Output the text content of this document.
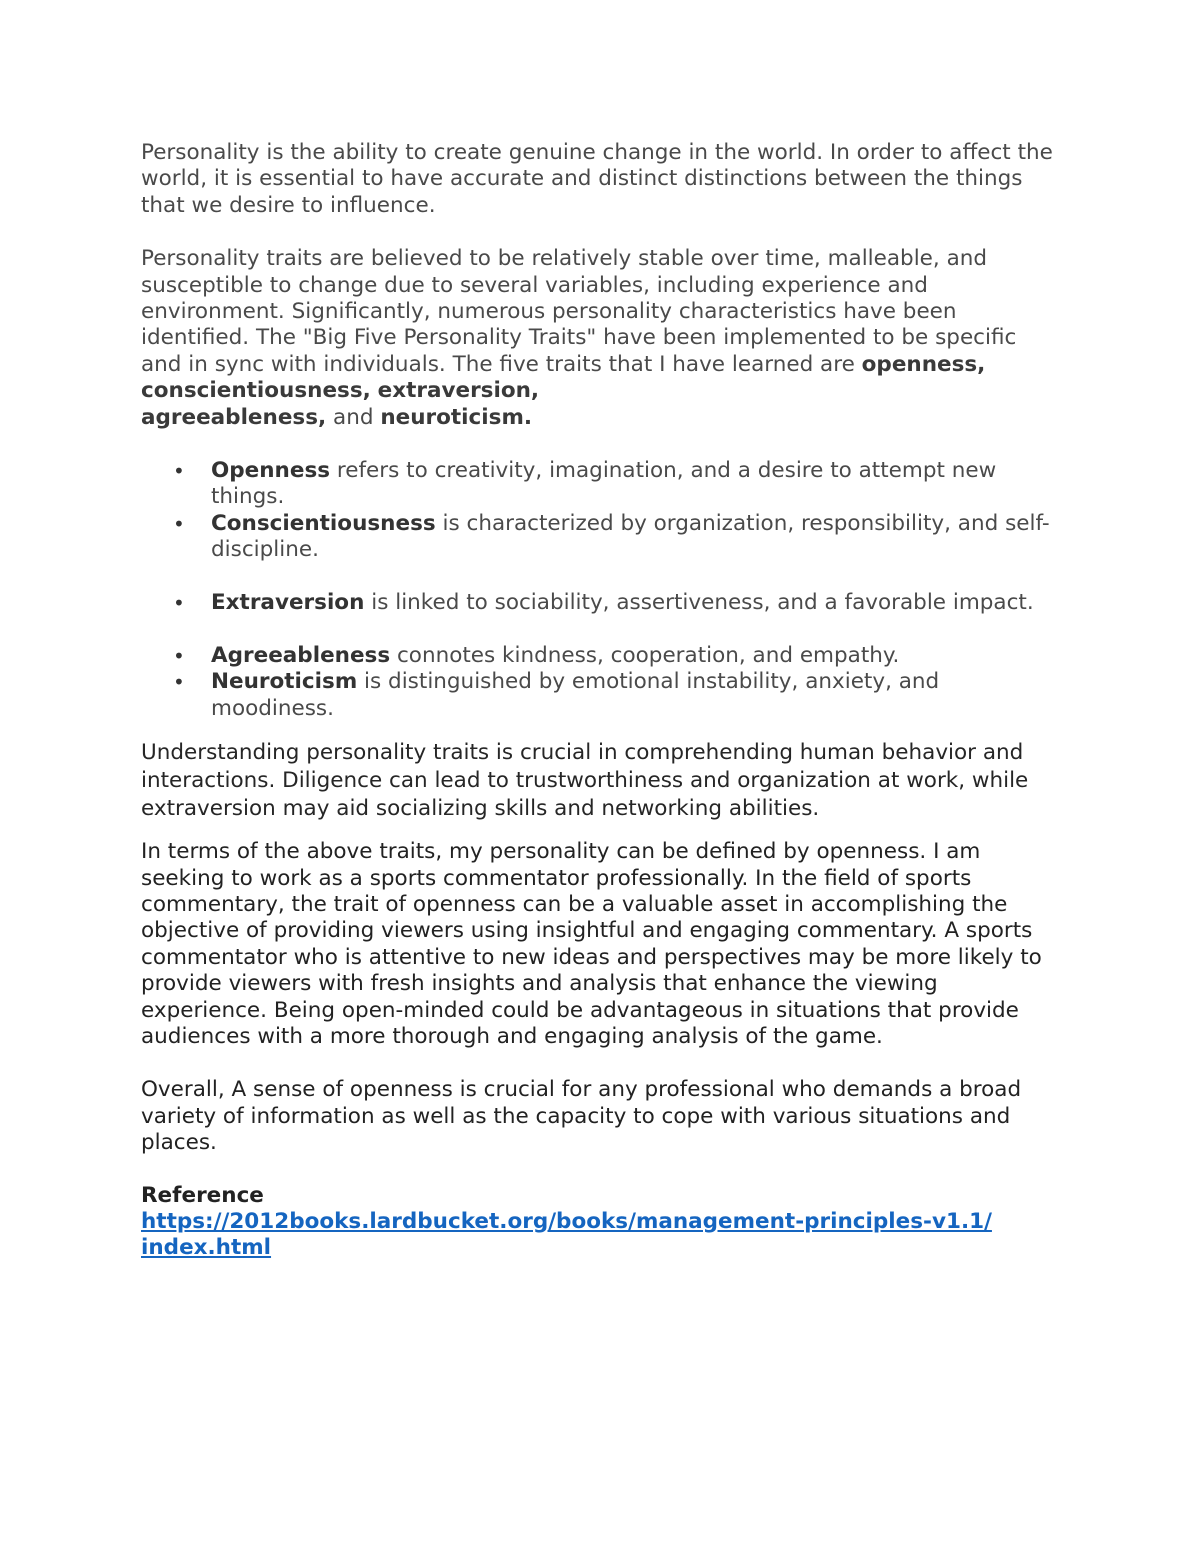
Personality is the ability to create genuine change in the world. In order to affect the world, it is essential to have accurate and distinct distinctions between the things that we desire to influence.

Personality traits are believed to be relatively stable over time, malleable, and susceptible to change due to several variables, including experience and environment. Significantly, numerous personality characteristics have been identified. The "Big Five Personality Traits" have been implemented to be specific and in sync with individuals. The five traits that I have learned are openness, conscientiousness, extraversion,
agreeableness, and neuroticism.

• Openness refers to creativity, imagination, and a desire to attempt new things.
• Conscientiousness is characterized by organization, responsibility, and self-discipline.
• Extraversion is linked to sociability, assertiveness, and a favorable impact.
• Agreeableness connotes kindness, cooperation, and empathy.
• Neuroticism is distinguished by emotional instability, anxiety, and moodiness.

Understanding personality traits is crucial in comprehending human behavior and interactions. Diligence can lead to trustworthiness and organization at work, while extraversion may aid socializing skills and networking abilities.

In terms of the above traits, my personality can be defined by openness. I am seeking to work as a sports commentator professionally. In the field of sports commentary, the trait of openness can be a valuable asset in accomplishing the objective of providing viewers using insightful and engaging commentary. A sports commentator who is attentive to new ideas and perspectives may be more likely to provide viewers with fresh insights and analysis that enhance the viewing experience. Being open-minded could be advantageous in situations that provide audiences with a more thorough and engaging analysis of the game.

Overall, A sense of openness is crucial for any professional who demands a broad variety of information as well as the capacity to cope with various situations and places.

Reference

https://2012books.lardbucket.org/books/management-principles-v1.1/
index.html
